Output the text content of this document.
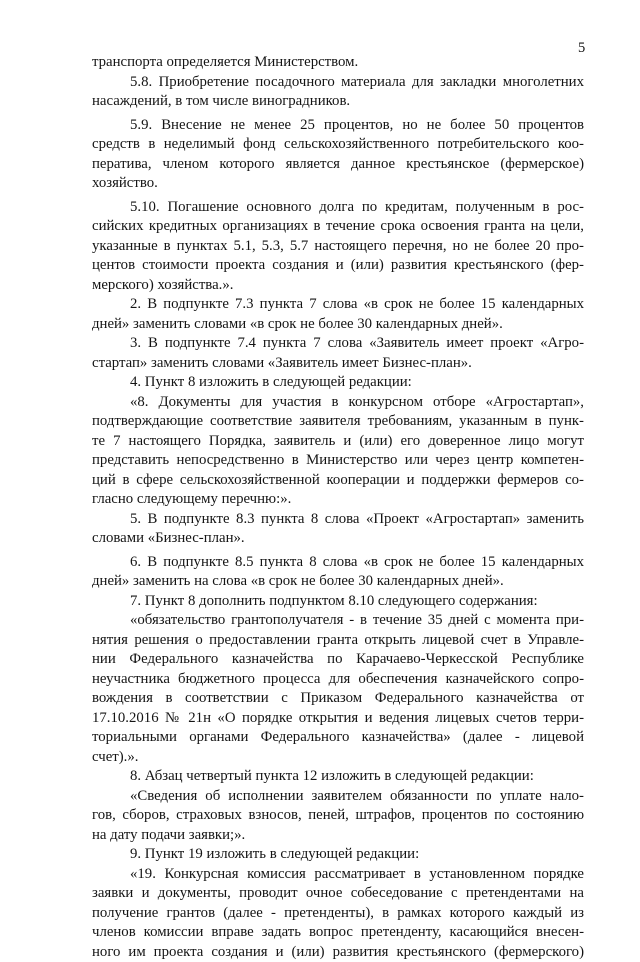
5
транспорта определяется Министерством.
5.8. Приобретение посадочного материала для закладки многолетних
насаждений, в том числе виноградников.
5.9. Внесение не менее 25 процентов, но не более 50 процентов
средств в неделимый фонд сельскохозяйственного потребительского коо-
ператива, членом которого является данное крестьянское (фермерское)
хозяйство.
5.10. Погашение основного долга по кредитам, полученным в рос-
сийских кредитных организациях в течение срока освоения гранта на цели,
указанные в пунктах 5.1, 5.3, 5.7 настоящего перечня, но не более 20 про-
центов стоимости проекта создания и (или) развития крестьянского (фер-
мерского) хозяйства.».
2. В подпункте 7.3 пункта 7 слова «в срок не более 15 календарных
дней» заменить словами «в срок не более 30 календарных дней».
3. В подпункте 7.4 пункта 7 слова «Заявитель имеет проект «Агро-
стартап» заменить словами «Заявитель имеет Бизнес-план».
4. Пункт 8 изложить в следующей редакции:
«8. Документы для участия в конкурсном отборе «Агростартап»,
подтверждающие соответствие заявителя требованиям, указанным в пунк-
те 7 настоящего Порядка, заявитель и (или) его доверенное лицо могут
представить непосредственно в Министерство или через центр компетен-
ций в сфере сельскохозяйственной кооперации и поддержки фермеров со-
гласно следующему перечню:».
5. В подпункте 8.3 пункта 8 слова «Проект «Агростартап» заменить
словами «Бизнес-план».
6. В подпункте 8.5 пункта 8 слова «в срок не более 15 календарных
дней» заменить на слова «в срок не более 30 календарных дней».
7. Пункт 8 дополнить подпунктом 8.10 следующего содержания:
«обязательство грантополучателя - в течение 35 дней с момента при-
нятия решения о предоставлении гранта открыть лицевой счет в Управле-
нии Федерального казначейства по Карачаево-Черкесской Республике
неучастника бюджетного процесса для обеспечения казначейского сопро-
вождения в соответствии с Приказом Федерального казначейства от
17.10.2016 № 21н «О порядке открытия и ведения лицевых счетов терри-
ториальными органами Федерального казначейства» (далее - лицевой
счет).».
8. Абзац четвертый пункта 12 изложить в следующей редакции:
«Сведения об исполнении заявителем обязанности по уплате нало-
гов, сборов, страховых взносов, пеней, штрафов, процентов по состоянию
на дату подачи заявки;».
9. Пункт 19 изложить в следующей редакции:
«19. Конкурсная комиссия рассматривает в установленном порядке
заявки и документы, проводит очное собеседование с претендентами на
получение грантов (далее - претенденты), в рамках которого каждый из
членов комиссии вправе задать вопрос претенденту, касающийся внесен-
ного им проекта создания и (или) развития крестьянского (фермерского)
